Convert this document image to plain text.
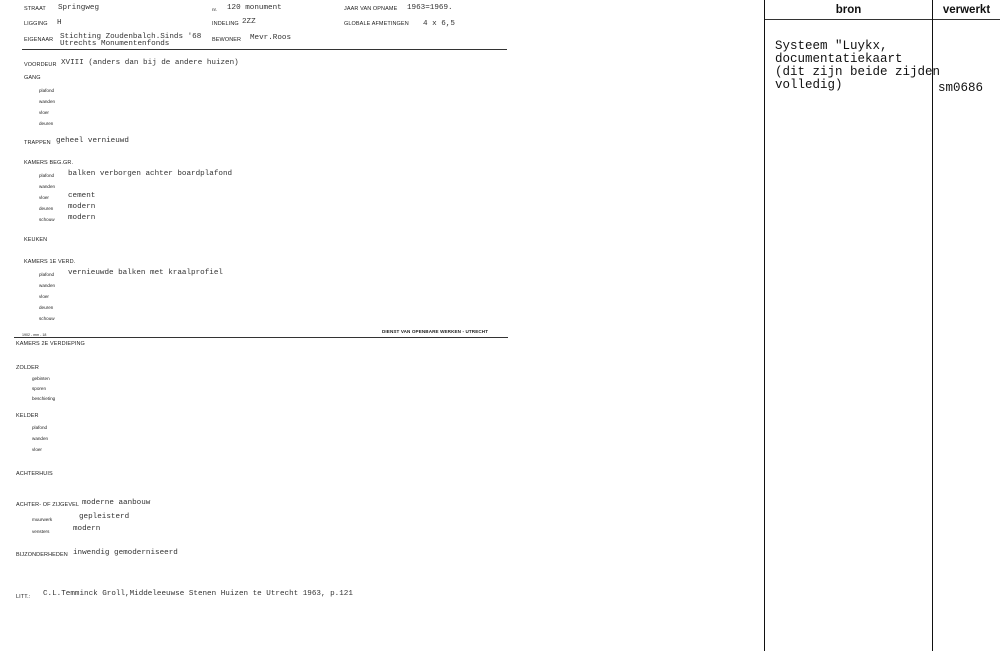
STRAAT Springweg	nr. 120 monument	JAAR VAN OPNAME 1963=1969.
LIGGING H	INDELING 2ZZ	GLOBALE AFMETINGEN 4 x 6,5
EIGENAAR Stichting Zoudenbalch.Sinds '68
Utrechts Monumentenfonds	BEWONER Mevr.Roos
VOORDEUR XVIII (anders dan bij de andere huizen)
GANG
plafond
wanden
vloer
deuren
TRAPPEN geheel vernieuwd
KAMERS BEG.GR.
plafond balken verborgen achter boardplafond
wanden
vloer	cement
deuren modern
schouw modern
KEUKEN
KAMERS 1E VERD.
plafond vernieuwde balken met kraalprofiel
wanden
vloer
deuren
schouw
1902 - mm - 18
DIENST VAN OPENBARE WERKEN - UTRECHT
KAMERS 2E VERDIEPING
ZOLDER
gebinten
sporen
beschieting
KELDER
plafond
wanden
vloer
ACHTERHUIS
ACHTER- OF ZIJGEVEL moderne aanbouw
muurwerk	gepleisterd
vensters	modern
BIJZONDERHEDEN inwendig gemoderniseerd
LITT.: C.L.Temminck Groll,Middeleeuwse Stenen Huizen te Utrecht 1963, p.121
bron	verwerkt
Systeem "Luykx,
documentatiekaart
(dit zijn beide zijden
volledig)	sm0686
